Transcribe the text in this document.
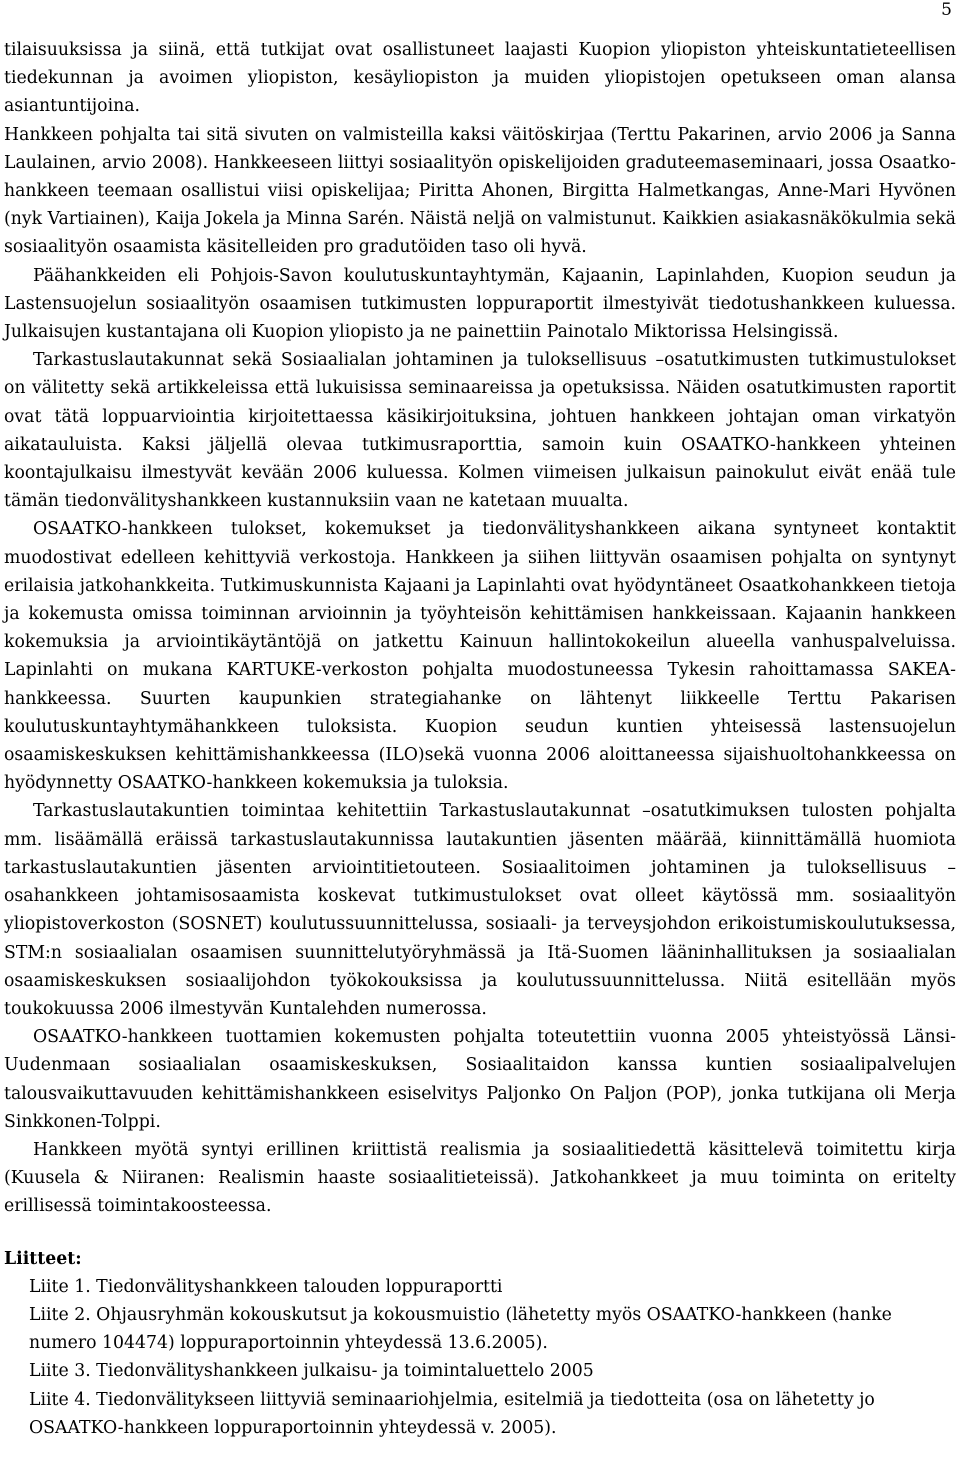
5

tilaisuuksissa ja siinä, että tutkijat ovat osallistuneet laajasti Kuopion yliopiston yhteiskuntatieteellisen tiedekunnan ja avoimen yliopiston, kesäyliopiston ja muiden yliopistojen opetukseen oman alansa asiantuntijoina.

Hankkeen pohjalta tai sitä sivuten on valmisteilla kaksi väitöskirjaa (Terttu Pakarinen, arvio 2006 ja Sanna Laulainen, arvio 2008). Hankkeeseen liittyi sosiaalityön opiskelijoiden graduteemaseminaari, jossa Osaatko-hankkeen teemaan osallistui viisi opiskelijaa; Piritta Ahonen, Birgitta Halmetkangas, Anne-Mari Hyvönen (nyk Vartiainen), Kaija Jokela ja Minna Sarén. Näistä neljä on valmistunut. Kaikkien asiakasnäkökulmia sekä sosiaalityön osaamista käsitelleiden pro gradutöiden taso oli hyvä.

Päähankkeiden eli Pohjois-Savon koulutuskuntayhtymän, Kajaanin, Lapinlahden, Kuopion seudun ja Lastensuojelun sosiaalityön osaamisen tutkimusten loppuraportit ilmestyivät tiedotushankkeen kuluessa. Julkaisujen kustantajana oli Kuopion yliopisto ja ne painettiin Painotalo Miktorissa Helsingissä.

Tarkastuslautakunnat sekä Sosiaalialan johtaminen ja tuloksellisuus –osatutkimusten tutkimustulokset on välitetty sekä artikkeleissa että lukuisissa seminaareissa ja opetuksissa. Näiden osatutkimusten raportit ovat tätä loppuarviointia kirjoitettaessa käsikirjoituksina, johtuen hankkeen johtajan oman virkatyön aikatauluista. Kaksi jäljellä olevaa tutkimusraporttia, samoin kuin OSAATKO-hankkeen yhteinen koontajulkaisu ilmestyvät kevään 2006 kuluessa. Kolmen viimeisen julkaisun painokulut eivät enää tule tämän tiedonvälityshankkeen kustannuksiin vaan ne katetaan muualta.

OSAATKO-hankkeen tulokset, kokemukset ja tiedonvälityshankkeen aikana syntyneet kontaktit muodostivat edelleen kehittyviä verkostoja. Hankkeen ja siihen liittyvän osaamisen pohjalta on syntynyt erilaisia jatkohankkeita. Tutkimuskunnista Kajaani ja Lapinlahti ovat hyödyntäneet Osaatkohankkeen tietoja ja kokemusta omissa toiminnan arvioinnin ja työyhteisön kehittämisen hankkeissaan. Kajaanin hankkeen kokemuksia ja arviointikäytäntöjä on jatkettu Kainuun hallintokokeilun alueella vanhuspalveluissa. Lapinlahti on mukana KARTUKE-verkoston pohjalta muodostuneessa Tykesin rahoittamassa SAKEA-hankkeessa. Suurten kaupunkien strategiahanke on lähtenyt liikkeelle Terttu Pakarisen koulutuskuntayhtymähankkeen tuloksista. Kuopion seudun kuntien yhteisessä lastensuojelun osaamiskeskuksen kehittämishankkeessa (ILO)sekä vuonna 2006 aloittaneessa sijaishuoltohankkeessa on hyödynnetty OSAATKO-hankkeen kokemuksia ja tuloksia.

Tarkastuslautakuntien toimintaa kehitettiin Tarkastuslautakunnat –osatutkimuksen tulosten pohjalta mm. lisäämällä eräissä tarkastuslautakunnissa lautakuntien jäsenten määrää, kiinnittämällä huomiota tarkastuslautakuntien jäsenten arviointitietouteen. Sosiaalitoimen johtaminen ja tuloksellisuus –osahankkeen johtamisosaamista koskevat tutkimustulokset ovat olleet käytössä mm. sosiaalityön yliopistoverkoston (SOSNET) koulutussuunnittelussa, sosiaali- ja terveysjohdon erikoistumiskoulutuksessa, STM:n sosiaalialan osaamisen suunnittelutyöryhmässä ja Itä-Suomen lääninhallituksen ja sosiaalialan osaamiskeskuksen sosiaalijohdon työkokouksissa ja koulutussuunnittelussa. Niitä esitellään myös toukokuussa 2006 ilmestyvän Kuntalehden numerossa.

OSAATKO-hankkeen tuottamien kokemusten pohjalta toteutettiin vuonna 2005 yhteistyössä Länsi-Uudenmaan sosiaalialan osaamiskeskuksen, Sosiaalitaidon kanssa kuntien sosiaalipalvelujen talousvaikuttavuuden kehittämishankkeen esiselvitys Paljonko On Paljon (POP), jonka tutkijana oli Merja Sinkkonen-Tolppi.

Hankkeen myötä syntyi erillinen kriittistä realismia ja sosiaalitiedettä käsittelevä toimitettu kirja (Kuusela & Niiranen: Realismin haaste sosiaalitieteissä). Jatkohankkeet ja muu toiminta on eritelty erillisessä toimintakoosteessa.

Liitteet:
Liite 1. Tiedonvälityshankkeen talouden loppuraportti
Liite 2. Ohjausryhmän kokouskutsut ja kokousmuistio (lähetetty myös OSAATKO-hankkeen (hanke numero 104474) loppuraportoinnin yhteydessä 13.6.2005).
Liite 3. Tiedonvälityshankkeen julkaisu- ja toimintaluettelo 2005
Liite 4. Tiedonvälitykseen liittyviä seminaariohjelmia, esitelmiä ja tiedotteita (osa on lähetetty jo OSAATKO-hankkeen loppuraportoinnin yhteydessä v. 2005).
